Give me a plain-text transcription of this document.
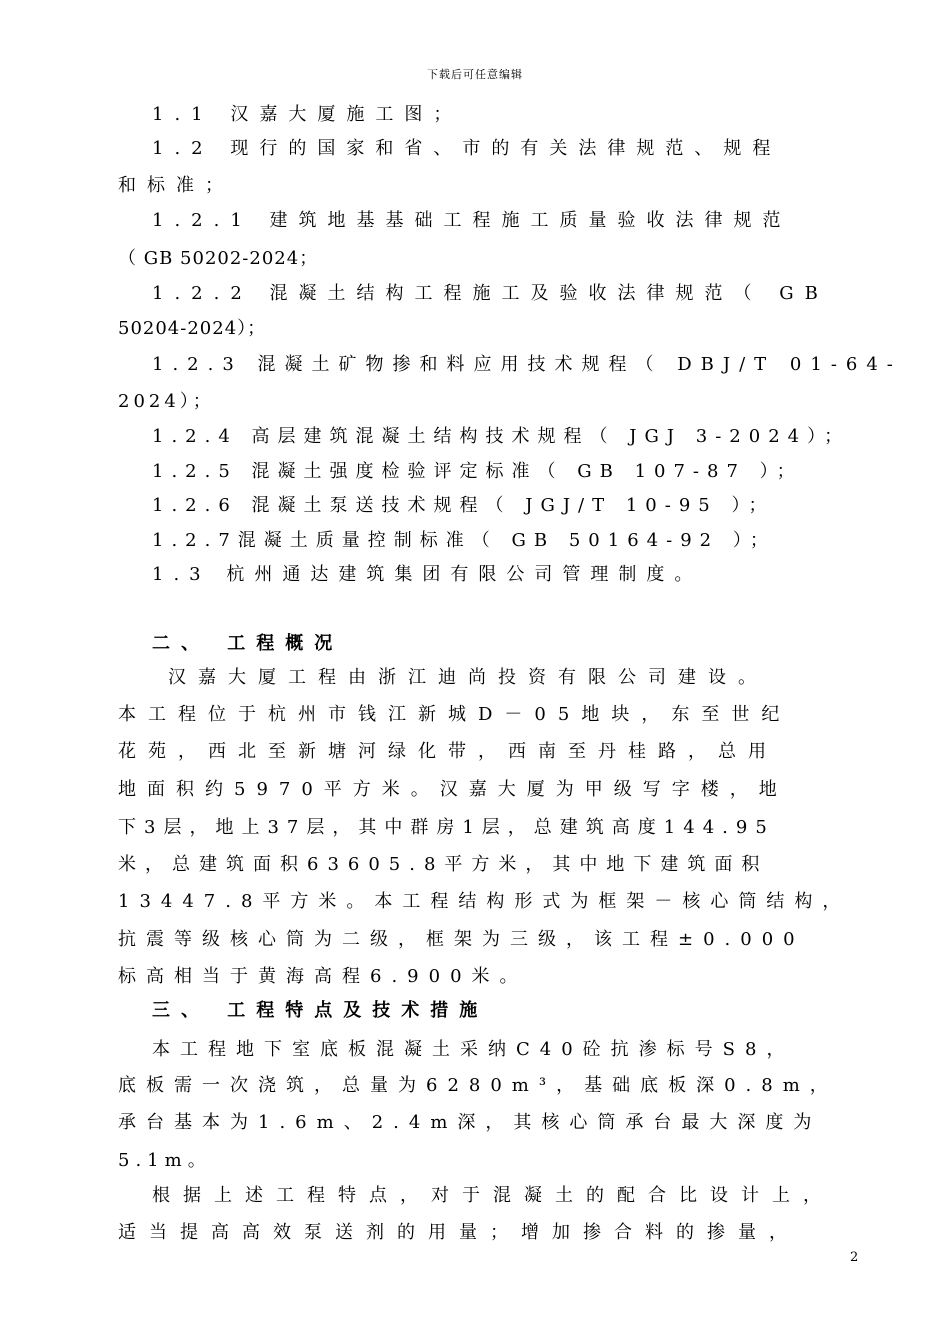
下载后可任意编辑
1.1 汉嘉大厦施工图；
1.2 现行的国家和省、市的有关法律规范、规程
和标准；
1.2.1 建筑地基基础工程施工质量验收法律规范
（ GB 50202-2024；
1.2.2 混凝土结构工程施工及验收法律规范（ GB
50204-2024）；
1.2.3 混凝土矿物掺和料应用技术规程（ DBJ/T 01-64-
2024）；
1.2.4 高层建筑混凝土结构技术规程（ JGJ 3-2024）；
1.2.5 混凝土强度检验评定标准（ GB 107-87 ）；
1.2.6 混凝土泵送技术规程（ JGJ/T 10-95 ）；
1.2.7混凝土质量控制标准（ GB 50164-92 ）；
1.3 杭州通达建筑集团有限公司管理制度。
二、 工程概况
汉嘉大厦工程由浙江迪尚投资有限公司建设。
本工程位于杭州市钱江新城D－05地块，东至世纪
花苑，西北至新塘河绿化带，西南至丹桂路，总用
地面积约5970平方米。汉嘉大厦为甲级写字楼，地
下3层，地上37层，其中群房1层，总建筑高度144.95
米，总建筑面积63605.8平方米，其中地下建筑面积
13447.8平方米。本工程结构形式为框架－核心筒结构，
抗震等级核心筒为二级，框架为三级，该工程±0.000
标高相当于黄海高程6.900米。
三、 工程特点及技术措施
本工程地下室底板混凝土采纳C40砼抗渗标号S8，
底板需一次浇筑，总量为6280m³，基础底板深0.8m，
承台基本为1.6m、2.4m深，其核心筒承台最大深度为
5.1m。
根据上述工程特点，对于混凝土的配合比设计上，
适当提高高效泵送剂的用量；增加掺合料的掺量，
2
